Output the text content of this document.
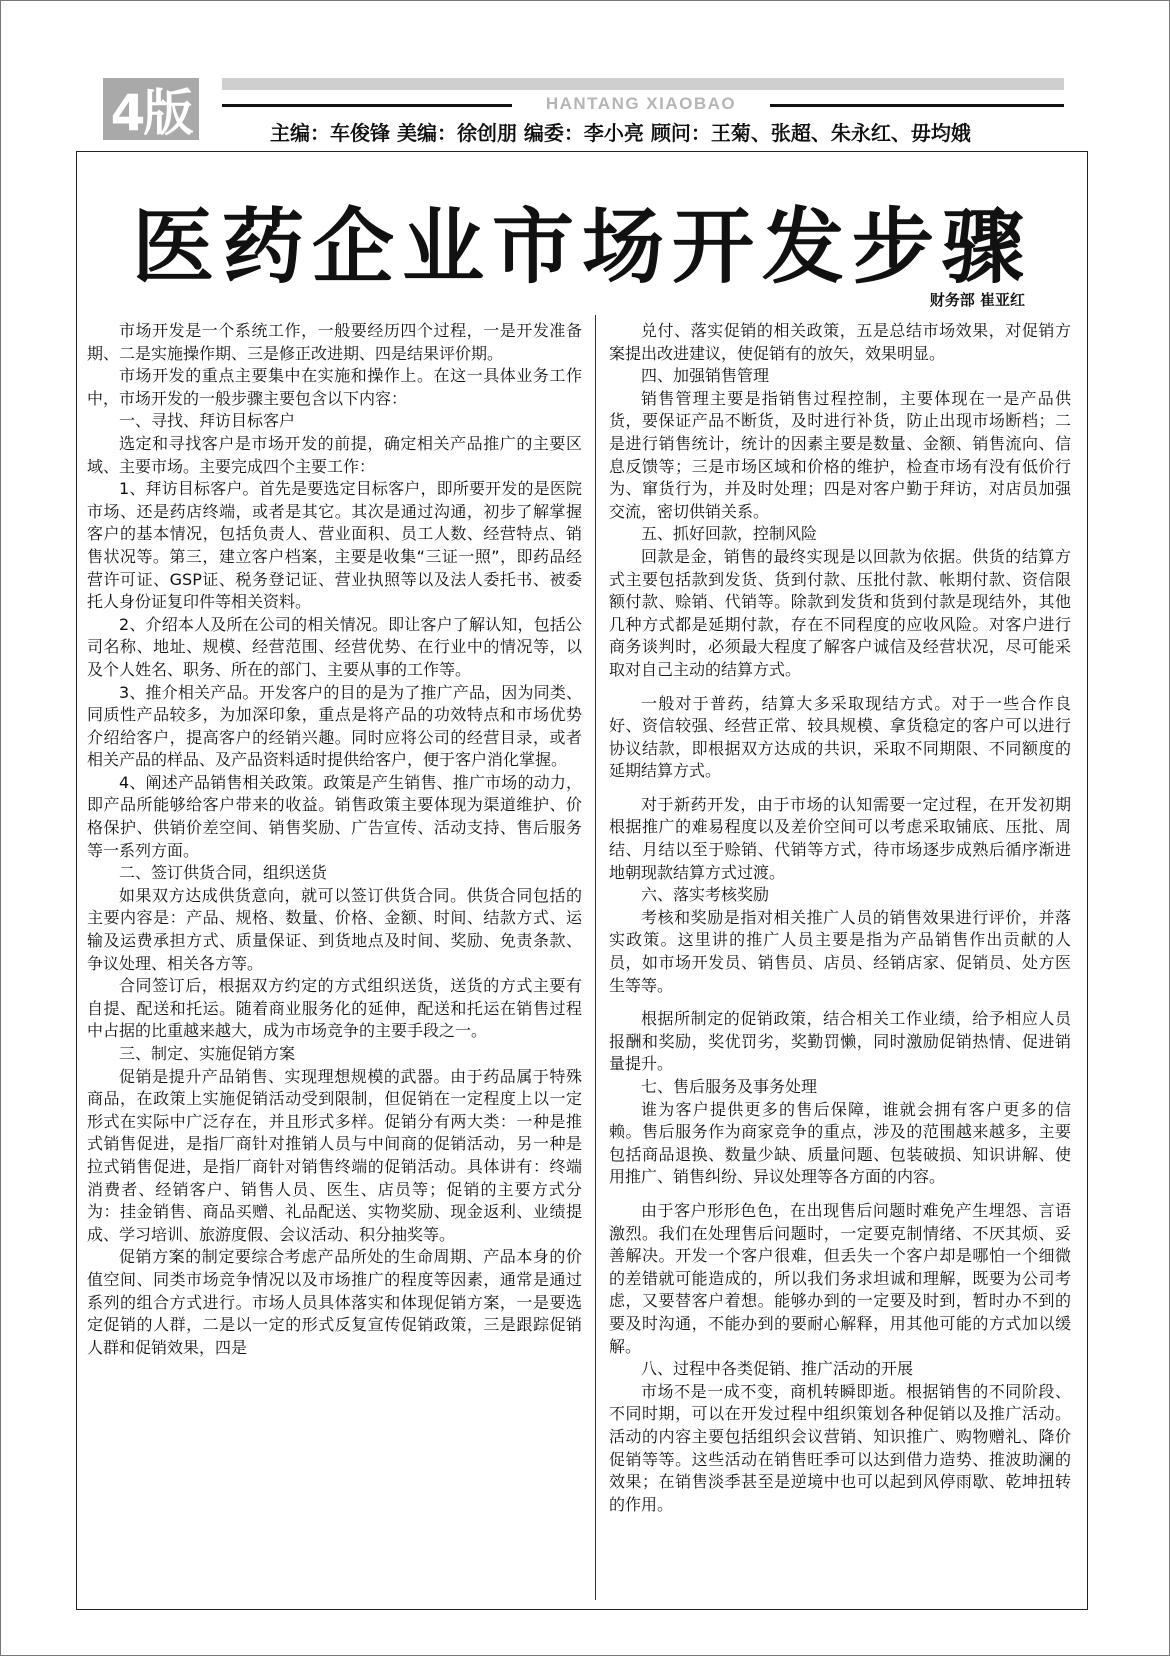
4版	HANTANG XIAOBAO
主编：车俊锋 美编：徐创朋 编委：李小亮 顾问：王菊、张超、朱永红、毋均娥
医药企业市场开发步骤
财务部 崔亚红

市场开发是一个系统工作，一般要经历四个过程，一是开发准备期、二是实施操作期、三是修正改进期、四是结果评价期。

市场开发的重点主要集中在实施和操作上。在这一具体业务工作中，市场开发的一般步骤主要包含以下内容：

一、寻找、拜访目标客户

选定和寻找客户是市场开发的前提，确定相关产品推广的主要区域、主要市场。主要完成四个主要工作：

1、拜访目标客户。首先是要选定目标客户，即所要开发的是医院市场、还是药店终端，或者是其它。其次是通过沟通，初步了解掌握客户的基本情况，包括负责人、营业面积、员工人数、经营特点、销售状况等。第三，建立客户档案，主要是收集“三证一照”，即药品经营许可证、GSP证、税务登记证、营业执照等以及法人委托书、被委托人身份证复印件等相关资料。

2、介绍本人及所在公司的相关情况。即让客户了解认知，包括公司名称、地址、规模、经营范围、经营优势、在行业中的情况等，以及个人姓名、职务、所在的部门、主要从事的工作等。

3、推介相关产品。开发客户的目的是为了推广产品，因为同类、同质性产品较多，为加深印象，重点是将产品的功效特点和市场优势介绍给客户，提高客户的经销兴趣。同时应将公司的经营目录，或者相关产品的样品、及产品资料适时提供给客户，便于客户消化掌握。

4、阐述产品销售相关政策。政策是产生销售、推广市场的动力，即产品所能够给客户带来的收益。销售政策主要体现为渠道维护、价格保护、供销价差空间、销售奖励、广告宣传、活动支持、售后服务等一系列方面。

二、签订供货合同，组织送货

如果双方达成供货意向，就可以签订供货合同。供货合同包括的主要内容是：产品、规格、数量、价格、金额、时间、结款方式、运输及运费承担方式、质量保证、到货地点及时间、奖励、免责条款、争议处理、相关各方等。

合同签订后，根据双方约定的方式组织送货，送货的方式主要有自提、配送和托运。随着商业服务化的延伸，配送和托运在销售过程中占据的比重越来越大，成为市场竞争的主要手段之一。

三、制定、实施促销方案

促销是提升产品销售、实现理想规模的武器。由于药品属于特殊商品，在政策上实施促销活动受到限制，但促销在一定程度上以一定形式在实际中广泛存在，并且形式多样。促销分有两大类：一种是推式销售促进，是指厂商针对推销人员与中间商的促销活动，另一种是拉式销售促进，是指厂商针对销售终端的促销活动。具体讲有：终端消费者、经销客户、销售人员、医生、店员等；促销的主要方式分为：挂金销售、商品买赠、礼品配送、实物奖励、现金返利、业绩提成、学习培训、旅游度假、会议活动、积分抽奖等。

促销方案的制定要综合考虑产品所处的生命周期、产品本身的价值空间、同类市场竞争情况以及市场推广的程度等因素，通常是通过系列的组合方式进行。市场人员具体落实和体现促销方案，一是要选定促销的人群，二是以一定的形式反复宣传促销政策，三是跟踪促销人群和促销效果，四是

兑付、落实促销的相关政策，五是总结市场效果，对促销方案提出改进建议，使促销有的放矢，效果明显。

四、加强销售管理

销售管理主要是指销售过程控制，主要体现在一是产品供货，要保证产品不断货，及时进行补货，防止出现市场断档；二是进行销售统计，统计的因素主要是数量、金额、销售流向、信息反馈等；三是市场区域和价格的维护，检查市场有没有低价行为、窜货行为，并及时处理；四是对客户勤于拜访，对店员加强交流，密切供销关系。

五、抓好回款，控制风险

回款是金，销售的最终实现是以回款为依据。供货的结算方式主要包括款到发货、货到付款、压批付款、帐期付款、资信限额付款、赊销、代销等。除款到发货和货到付款是现结外，其他几种方式都是延期付款，存在不同程度的应收风险。对客户进行商务谈判时，必须最大程度了解客户诚信及经营状况，尽可能采取对自己主动的结算方式。

一般对于普药，结算大多采取现结方式。对于一些合作良好、资信较强、经营正常、较具规模、拿货稳定的客户可以进行协议结款，即根据双方达成的共识，采取不同期限、不同额度的延期结算方式。

对于新药开发，由于市场的认知需要一定过程，在开发初期根据推广的难易程度以及差价空间可以考虑采取铺底、压批、周结、月结以至于赊销、代销等方式，待市场逐步成熟后循序渐进地朝现款结算方式过渡。

六、落实考核奖励

考核和奖励是指对相关推广人员的销售效果进行评价，并落实政策。这里讲的推广人员主要是指为产品销售作出贡献的人员，如市场开发员、销售员、店员、经销店家、促销员、处方医生等等。

根据所制定的促销政策，结合相关工作业绩，给予相应人员报酬和奖励，奖优罚劣，奖勤罚懒，同时激励促销热情、促进销量提升。

七、售后服务及事务处理

谁为客户提供更多的售后保障，谁就会拥有客户更多的信赖。售后服务作为商家竞争的重点，涉及的范围越来越多，主要包括商品退换、数量少缺、质量问题、包装破损、知识讲解、使用推广、销售纠纷、异议处理等各方面的内容。

由于客户形形色色，在出现售后问题时难免产生埋怨、言语激烈。我们在处理售后问题时，一定要克制情绪、不厌其烦、妥善解决。开发一个客户很难，但丢失一个客户却是哪怕一个细微的差错就可能造成的，所以我们务求坦诚和理解，既要为公司考虑，又要替客户着想。能够办到的一定要及时到，暂时办不到的要及时沟通，不能办到的要耐心解释，用其他可能的方式加以缓解。

八、过程中各类促销、推广活动的开展

市场不是一成不变，商机转瞬即逝。根据销售的不同阶段、不同时期，可以在开发过程中组织策划各种促销以及推广活动。活动的内容主要包括组织会议营销、知识推广、购物赠礼、降价促销等等。这些活动在销售旺季可以达到借力造势、推波助澜的效果；在销售淡季甚至是逆境中也可以起到风停雨歇、乾坤扭转的作用。
